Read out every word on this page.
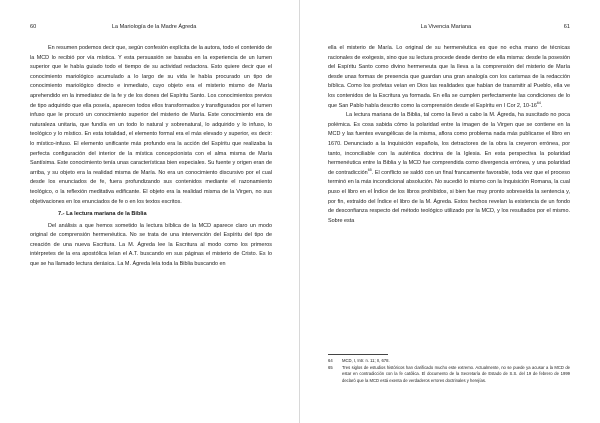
60	La Mariología de la Madre Ágreda

En resumen podemos decir que, según confesión explícita de la autora, todo el contenido de la MCD lo recibió por vía mística. Y esta persuasión se basaba en la experiencia de un lumen superior que le había guiado todo el tiempo de su actividad redactora. Esto quiere decir que el conocimiento mariológico acumulado a lo largo de su vida le había procurado un tipo de conocimiento mariológico directo e inmediato, cuyo objeto era el misterio mismo de María aprehendido en la inmediatez de la fe y de los dones del Espíritu Santo. Los conocimientos previos de tipo adquirido que ella poseía, aparecen todos ellos transformados y transfigurados por el lumen infuso que le procuró un conocimiento superior del misterio de María. Este conocimiento era de naturaleza unitaria, que fundía en un todo lo natural y sobrenatural, lo adquirido y lo infuso, lo teológico y lo místico. En esta totalidad, el elemento formal era el más elevado y superior, es decir: lo místico-infuso. El elemento unificante más profundo era la acción del Espíritu que realizaba la perfecta configuración del interior de la mística concepcionista con el alma misma de María Santísima. Este conocimiento tenía unas características bien especiales. Su fuente y origen eran de arriba, y su objeto era la realidad misma de María. No era un conocimiento discursivo por el cual desde los enunciados de fe, fuera profundizando sus contenidos mediante el razonamiento teológico, o la reflexión meditativa edificante. El objeto era la realidad misma de la Virgen, no sus objetivaciones en los enunciados de fe o en los textos escritos.

7.- La lectura mariana de la Biblia

Del análisis a que hemos sometido la lectura bíblica de la MCD aparece claro un modo original de comprensión hermenéutica. No se trata de una intervención del Espíritu del tipo de creación de una nueva Escritura. La M. Ágreda lee la Escritura al modo como los primeros intérpretes de la era apostólica leían el A.T. buscando en sus páginas el misterio de Cristo. Es lo que se ha llamado lectura derásica. La M. Ágreda leía toda la Biblia buscando en

La Vivencia Mariana	61

ella el misterio de María. Lo original de su hermenéutica es que no echa mano de técnicas racionales de exégesis, sino que su lectura procede desde dentro de ella misma: desde la posesión del Espíritu Santo como divino hermeneuta que la lleva a la comprensión del misterio de María desde unas formas de presencia que guardan una gran analogía con los carismas de la redacción bíblica. Como los profetas veían en Dios las realidades que habían de transmitir al Pueblo, ella ve los contenidos de la Escritura ya formada. En ella se cumplen perfectamente las condiciones de lo que San Pablo había descrito como la comprensión desde el Espíritu en I Cor 2, $10-16^{64}$.

La lectura mariana de la Biblia, tal como la llevó a cabo la M. Ágreda, ha suscitado no poca polémica. Es cosa sabida cómo la polaridad entre la imagen de la Virgen que se contiene en la MCD y las fuentes evangélicas de la misma, aflora como problema nada más publicarse el libro en 1670. Denunciado a la Inquisición española, los detractores de la obra la creyeron errónea, por tanto, inconciliable con la auténtica doctrina de la Iglesia. En esta perspectiva la polaridad hermenéutica entre la Biblia y la MCD fue comprendida como divergencia errónea, y una polaridad de contradicción$^{65}$. El conflicto se saldó con un final francamente favorable, toda vez que el proceso terminó en la más incondicional absolución. No sucedió lo mismo con la Inquisición Romana, la cual puso el libro en el Índice de los libros prohibidos, si bien fue muy pronto sobreseída la sentencia y, por fin, extraído del Índice el libro de la M. Ágreda. Estos hechos revelan la existencia de un fondo de desconfianza respecto del método teológico utilizado por la MCD, y los resultados por el mismo. Sobre esta

64	MCD, I, Intr. n. 11; II, 678.
65	Tres siglos de estudios históricos han clarificado mucho este extremo. Actualmente, no se puede ya acusar a la MCD de estar en contradicción con la fe católica. El documento de la Secretaría de Estado de S.S. del 19 de febrero de 1999 declaró que la MCD está exenta de verdaderos errores doctrinales y herejías.
